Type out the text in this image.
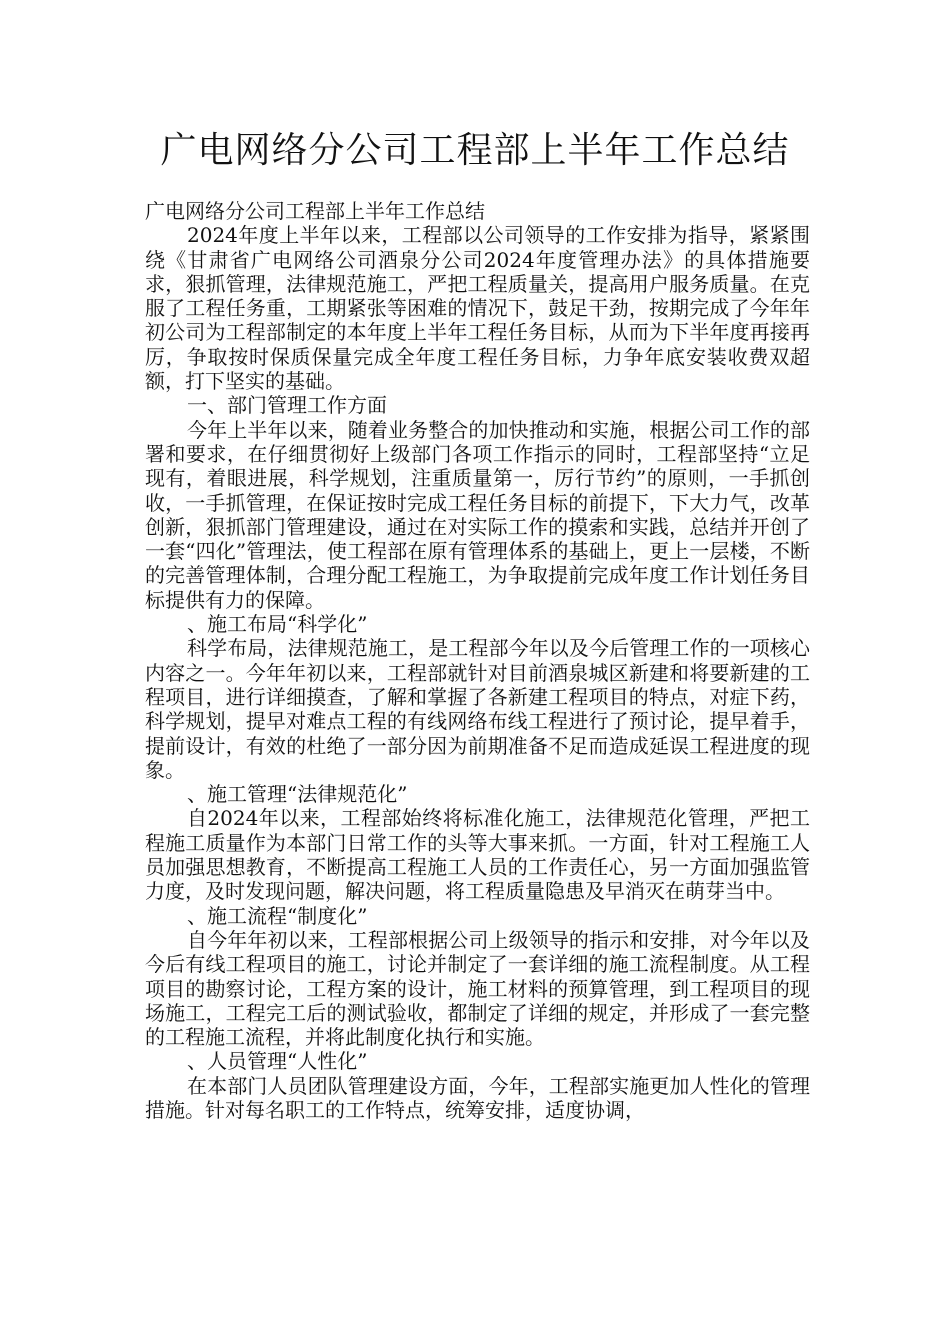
广电网络分公司工程部上半年工作总结

广电网络分公司工程部上半年工作总结

2024年度上半年以来，工程部以公司领导的工作安排为指导，紧紧围绕《甘肃省广电网络公司酒泉分公司2024年度管理办法》的具体措施要求，狠抓管理，法律规范施工，严把工程质量关，提高用户服务质量。在克服了工程任务重，工期紧张等困难的情况下，鼓足干劲，按期完成了今年年初公司为工程部制定的本年度上半年工程任务目标，从而为下半年度再接再厉，争取按时保质保量完成全年度工程任务目标，力争年底安装收费双超额，打下坚实的基础。

一、部门管理工作方面

今年上半年以来，随着业务整合的加快推动和实施，根据公司工作的部署和要求，在仔细贯彻好上级部门各项工作指示的同时，工程部坚持“立足现有，着眼进展，科学规划，注重质量第一，厉行节约”的原则，一手抓创收，一手抓管理，在保证按时完成工程任务目标的前提下，下大力气，改革创新，狠抓部门管理建设，通过在对实际工作的摸索和实践，总结并开创了一套“四化”管理法，使工程部在原有管理体系的基础上，更上一层楼，不断的完善管理体制，合理分配工程施工，为争取提前完成年度工作计划任务目标提供有力的保障。

、施工布局“科学化”

科学布局，法律规范施工，是工程部今年以及今后管理工作的一项核心内容之一。今年年初以来，工程部就针对目前酒泉城区新建和将要新建的工程项目，进行详细摸查，了解和掌握了各新建工程项目的特点，对症下药，科学规划，提早对难点工程的有线网络布线工程进行了预讨论，提早着手，提前设计，有效的杜绝了一部分因为前期准备不足而造成延误工程进度的现象。

、施工管理“法律规范化”

自2024年以来，工程部始终将标准化施工，法律规范化管理，严把工程施工质量作为本部门日常工作的头等大事来抓。一方面，针对工程施工人员加强思想教育，不断提高工程施工人员的工作责任心，另一方面加强监管力度，及时发现问题，解决问题，将工程质量隐患及早消灭在萌芽当中。

、施工流程“制度化”

自今年年初以来，工程部根据公司上级领导的指示和安排，对今年以及今后有线工程项目的施工，讨论并制定了一套详细的施工流程制度。从工程项目的勘察讨论，工程方案的设计，施工材料的预算管理，到工程项目的现场施工，工程完工后的测试验收，都制定了详细的规定，并形成了一套完整的工程施工流程，并将此制度化执行和实施。

、人员管理“人性化”

在本部门人员团队管理建设方面，今年，工程部实施更加人性化的管理措施。针对每名职工的工作特点，统筹安排，适度协调，
